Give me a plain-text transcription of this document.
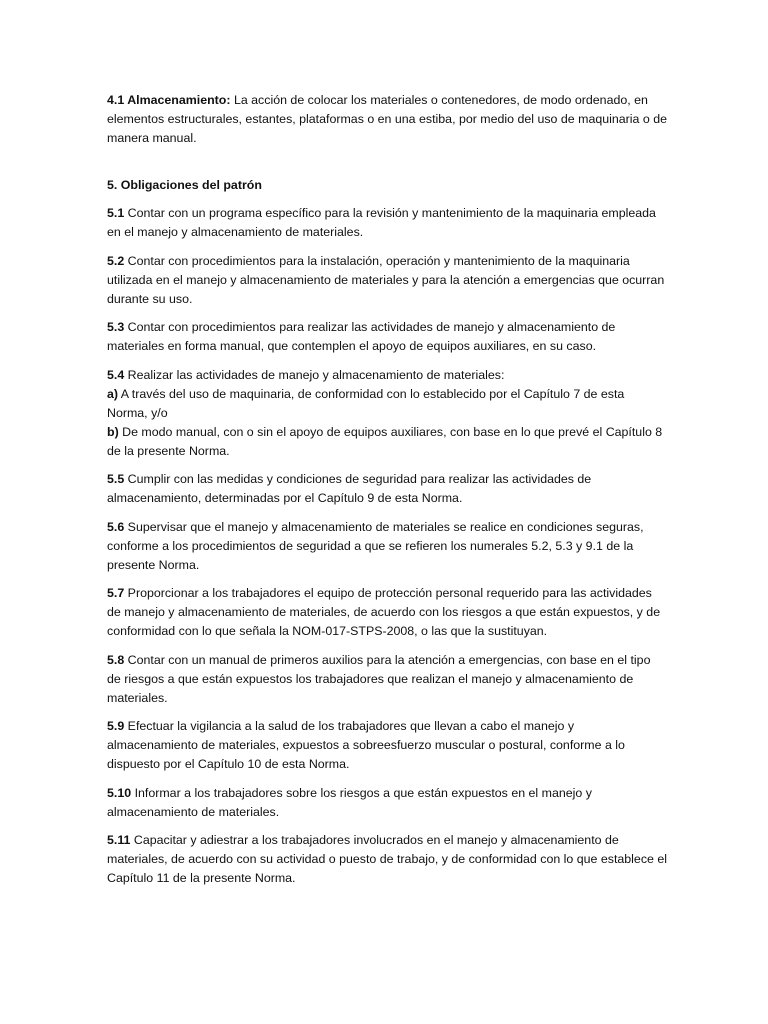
4.1 Almacenamiento: La acción de colocar los materiales o contenedores, de modo ordenado, en elementos estructurales, estantes, plataformas o en una estiba, por medio del uso de maquinaria o de manera manual.

5. Obligaciones del patrón

5.1 Contar con un programa específico para la revisión y mantenimiento de la maquinaria empleada en el manejo y almacenamiento de materiales.

5.2 Contar con procedimientos para la instalación, operación y mantenimiento de la maquinaria utilizada en el manejo y almacenamiento de materiales y para la atención a emergencias que ocurran durante su uso.

5.3 Contar con procedimientos para realizar las actividades de manejo y almacenamiento de materiales en forma manual, que contemplen el apoyo de equipos auxiliares, en su caso.

5.4 Realizar las actividades de manejo y almacenamiento de materiales:
a) A través del uso de maquinaria, de conformidad con lo establecido por el Capítulo 7 de esta Norma, y/o
b) De modo manual, con o sin el apoyo de equipos auxiliares, con base en lo que prevé el Capítulo 8 de la presente Norma.

5.5 Cumplir con las medidas y condiciones de seguridad para realizar las actividades de almacenamiento, determinadas por el Capítulo 9 de esta Norma.

5.6 Supervisar que el manejo y almacenamiento de materiales se realice en condiciones seguras, conforme a los procedimientos de seguridad a que se refieren los numerales 5.2, 5.3 y 9.1 de la presente Norma.

5.7 Proporcionar a los trabajadores el equipo de protección personal requerido para las actividades de manejo y almacenamiento de materiales, de acuerdo con los riesgos a que están expuestos, y de conformidad con lo que señala la NOM-017-STPS-2008, o las que la sustituyan.

5.8 Contar con un manual de primeros auxilios para la atención a emergencias, con base en el tipo de riesgos a que están expuestos los trabajadores que realizan el manejo y almacenamiento de materiales.

5.9 Efectuar la vigilancia a la salud de los trabajadores que llevan a cabo el manejo y almacenamiento de materiales, expuestos a sobreesfuerzo muscular o postural, conforme a lo dispuesto por el Capítulo 10 de esta Norma.

5.10 Informar a los trabajadores sobre los riesgos a que están expuestos en el manejo y almacenamiento de materiales.

5.11 Capacitar y adiestrar a los trabajadores involucrados en el manejo y almacenamiento de materiales, de acuerdo con su actividad o puesto de trabajo, y de conformidad con lo que establece el Capítulo 11 de la presente Norma.
